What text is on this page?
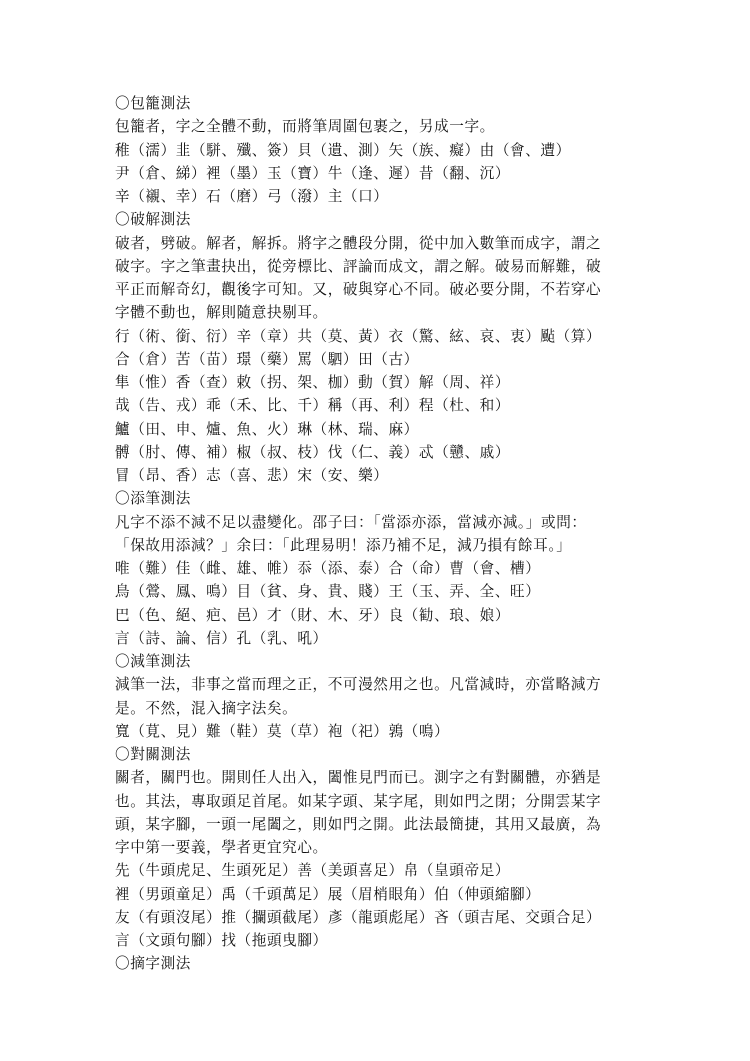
〇包籠測法
包籠者，字之全體不動，而將筆周圍包裹之，另成一字。
稚（濡）韭（駢、殲、簽）貝（遺、測）矢（族、癡）由（會、遭）
尹（倉、綈）裡（墨）玉（寶）牛（逢、遲）昔（翻、沉）
辛（襯、幸）石（磨）弓（潑）主（口）
〇破解測法
破者，劈破。解者，解拆。將字之體段分開，從中加入數筆而成字，謂之
破字。字之筆畫抉出，從旁標比、評論而成文，謂之解。破易而解難，破
平正而解奇幻，觀後字可知。又，破與穿心不同。破必要分開，不若穿心
字體不動也，解則隨意抉剔耳。
行（術、銜、衍）辛（章）共（莫、黃）衣（驚、絃、哀、衷）颭（算）
合（倉）苦（苗）璟（藥）罵（駟）田（古）
隼（惟）香（查）敕（拐、架、枷）動（賀）解（周、祥）
哉（告、戎）乖（禾、比、千）稱（再、利）程（杜、和）
鱸（田、申、爐、魚、火）琳（林、瑞、麻）
髆（肘、傳、補）椒（叔、枝）伐（仁、義）忒（戇、戚）
冒（昂、香）志（喜、悲）宋（安、樂）
〇添筆測法
凡字不添不減不足以盡變化。邵子曰：「當添亦添，當減亦減。」或問：
「保故用添減？」余曰：「此理易明！添乃補不足，減乃損有餘耳。」
唯（難）佳（雌、雄、帷）忝（添、泰）合（命）曹（會、槽）
鳥（鶯、鳳、鳴）目（貧、身、貴、賤）王（玉、弄、全、旺）
巴（色、絕、疤、邑）才（財、木、牙）良（勧、琅、娘）
言（詩、論、信）孔（乳、吼）
〇減筆測法
減筆一法，非事之當而理之正，不可漫然用之也。凡當減時，亦當略減方
是。不然，混入摘字法矣。
寬（莧、見）難（鞋）莫（草）袍（祀）鶉（鳴）
〇對關測法
關者，關門也。開則任人出入，闔惟見門而已。測字之有對關體，亦猶是
也。其法，專取頭足首尾。如某字頭、某字尾，則如門之閉；分開雲某字
頭，某字腳，一頭一尾闔之，則如門之開。此法最簡捷，其用又最廣，為
字中第一要義，學者更宜究心。
先（牛頭虎足、生頭死足）善（美頭喜足）帛（皇頭帝足）
裡（男頭童足）禹（千頭萬足）展（眉梢眼角）伯（伸頭縮腳）
友（有頭沒尾）推（攔頭截尾）彥（龍頭彪尾）吝（頭吉尾、交頭合足）
言（文頭句腳）找（拖頭曳腳）
〇摘字測法
